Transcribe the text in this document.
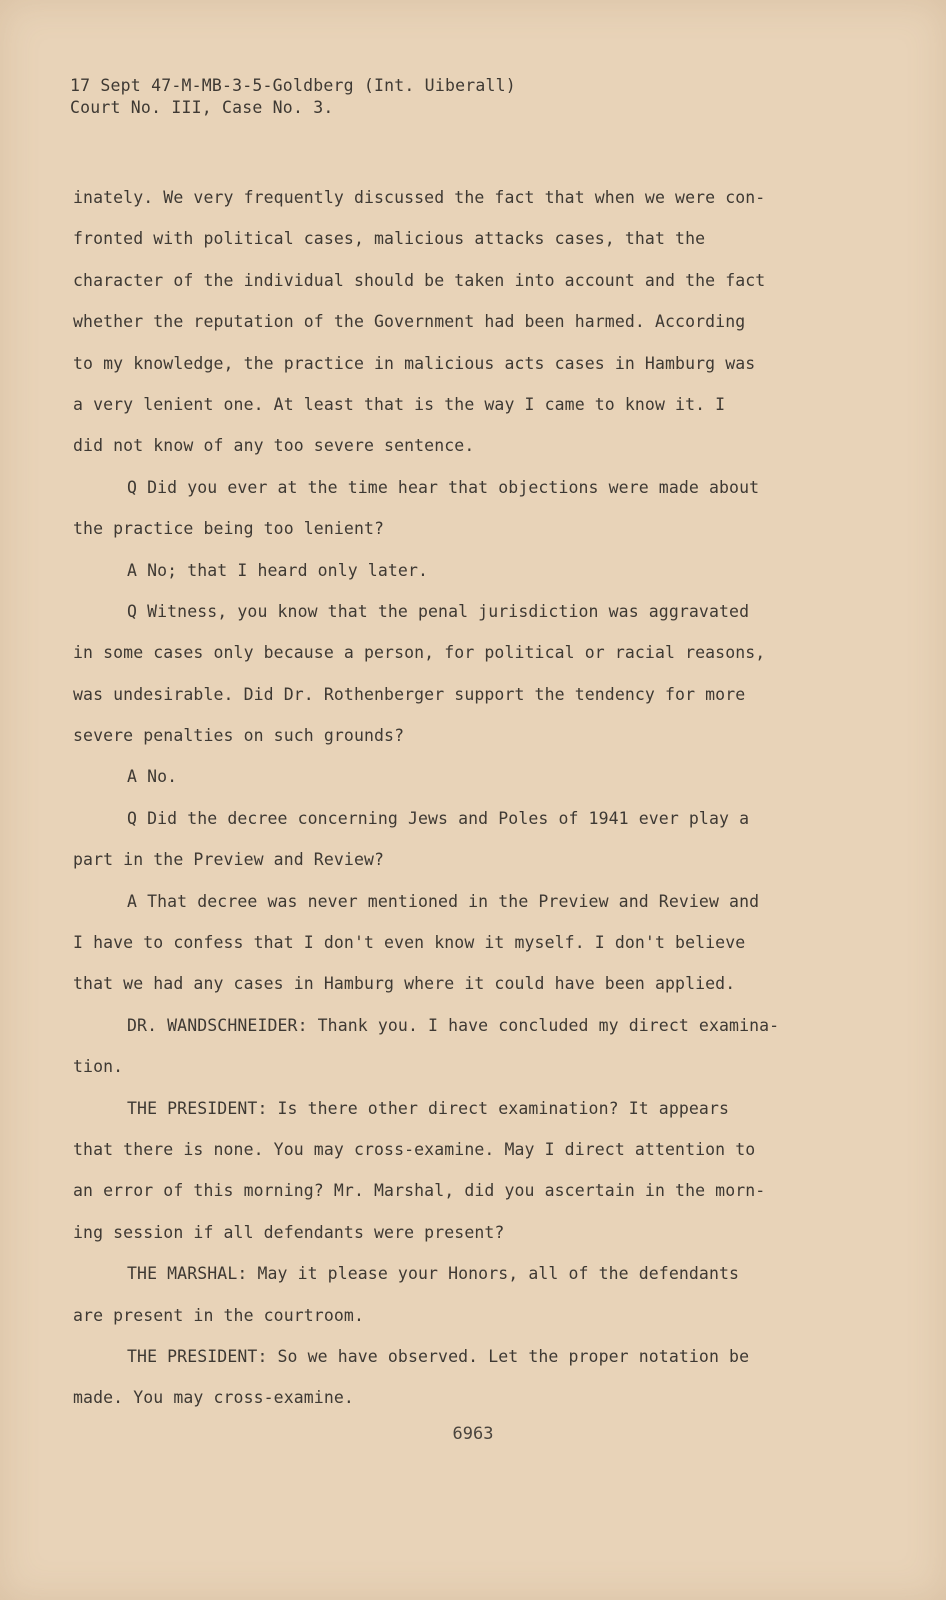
17 Sept 47-M-MB-3-5-Goldberg (Int. Uiberall)
Court No. III, Case No. 3.
inately. We very frequently discussed the fact that when we were con-
fronted with political cases, malicious attacks cases, that the
character of the individual should be taken into account and the fact
whether the reputation of the Government had been harmed. According
to my knowledge, the practice in malicious acts cases in Hamburg was
a very lenient one. At least that is the way I came to know it. I
did not know of any too severe sentence.
Q Did you ever at the time hear that objections were made about
the practice being too lenient?
A No; that I heard only later.
Q Witness, you know that the penal jurisdiction was aggravated
in some cases only because a person, for political or racial reasons,
was undesirable. Did Dr. Rothenberger support the tendency for more
severe penalties on such grounds?
A No.
Q Did the decree concerning Jews and Poles of 1941 ever play a
part in the Preview and Review?
A That decree was never mentioned in the Preview and Review and
I have to confess that I don't even know it myself. I don't believe
that we had any cases in Hamburg where it could have been applied.
DR. WANDSCHNEIDER: Thank you. I have concluded my direct examina-
tion.
THE PRESIDENT: Is there other direct examination? It appears
that there is none. You may cross-examine. May I direct attention to
an error of this morning? Mr. Marshal, did you ascertain in the morn-
ing session if all defendants were present?
THE MARSHAL: May it please your Honors, all of the defendants
are present in the courtroom.
THE PRESIDENT: So we have observed. Let the proper notation be
made. You may cross-examine.
6963
